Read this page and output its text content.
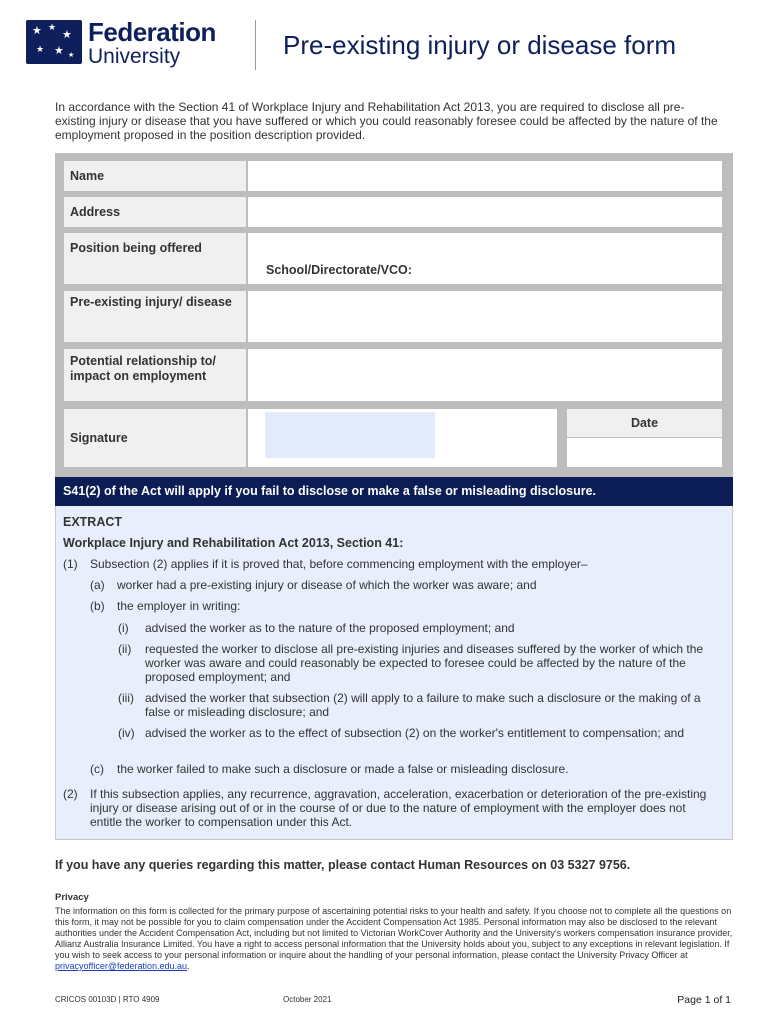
★ ★
★
★ ★ ★
Federation
University	Pre-existing injury or disease form
In accordance with the Section 41 of Workplace Injury and Rehabilitation Act 2013, you are required to disclose all pre-existing injury or disease that you have suffered or which you could reasonably foresee could be affected by the nature of the employment proposed in the position description provided.
Name
Address
Position being offered
School/Directorate/VCO:
Pre-existing injury/ disease
Potential relationship to/ impact on employment
Signature
Date
S41(2) of the Act will apply if you fail to disclose or make a false or misleading disclosure.
EXTRACT
Workplace Injury and Rehabilitation Act 2013, Section 41:
(1) Subsection (2) applies if it is proved that, before commencing employment with the employer–
(a) worker had a pre-existing injury or disease of which the worker was aware; and
(b) the employer in writing:
(i) advised the worker as to the nature of the proposed employment; and
(ii) requested the worker to disclose all pre-existing injuries and diseases suffered by the worker of which the worker was aware and could reasonably be expected to foresee could be affected by the nature of the proposed employment; and
(iii) advised the worker that subsection (2) will apply to a failure to make such a disclosure or the making of a false or misleading disclosure; and
(iv) advised the worker as to the effect of subsection (2) on the worker's entitlement to compensation; and
(c) the worker failed to make such a disclosure or made a false or misleading disclosure.
(2) If this subsection applies, any recurrence, aggravation, acceleration, exacerbation or deterioration of the pre-existing injury or disease arising out of or in the course of or due to the nature of employment with the employer does not entitle the worker to compensation under this Act.
If you have any queries regarding this matter, please contact Human Resources on 03 5327 9756.
Privacy
The information on this form is collected for the primary purpose of ascertaining potential risks to your health and safety. If you choose not to complete all the questions on this form, it may not be possible for you to claim compensation under the Accident Compensation Act 1985. Personal information may also be disclosed to the relevant authorities under the Accident Compensation Act, including but not limited to Victorian WorkCover Authority and the University's workers compensation insurance provider, Allianz Australia Insurance Limited. You have a right to access personal information that the University holds about you, subject to any exceptions in relevant legislation. If you wish to seek access to your personal information or inquire about the handling of your personal information, please contact the University Privacy Officer at
privacyofficer@federation.edu.au.
CRICOS 00103D | RTO 4909	October 2021	Page 1 of 1
